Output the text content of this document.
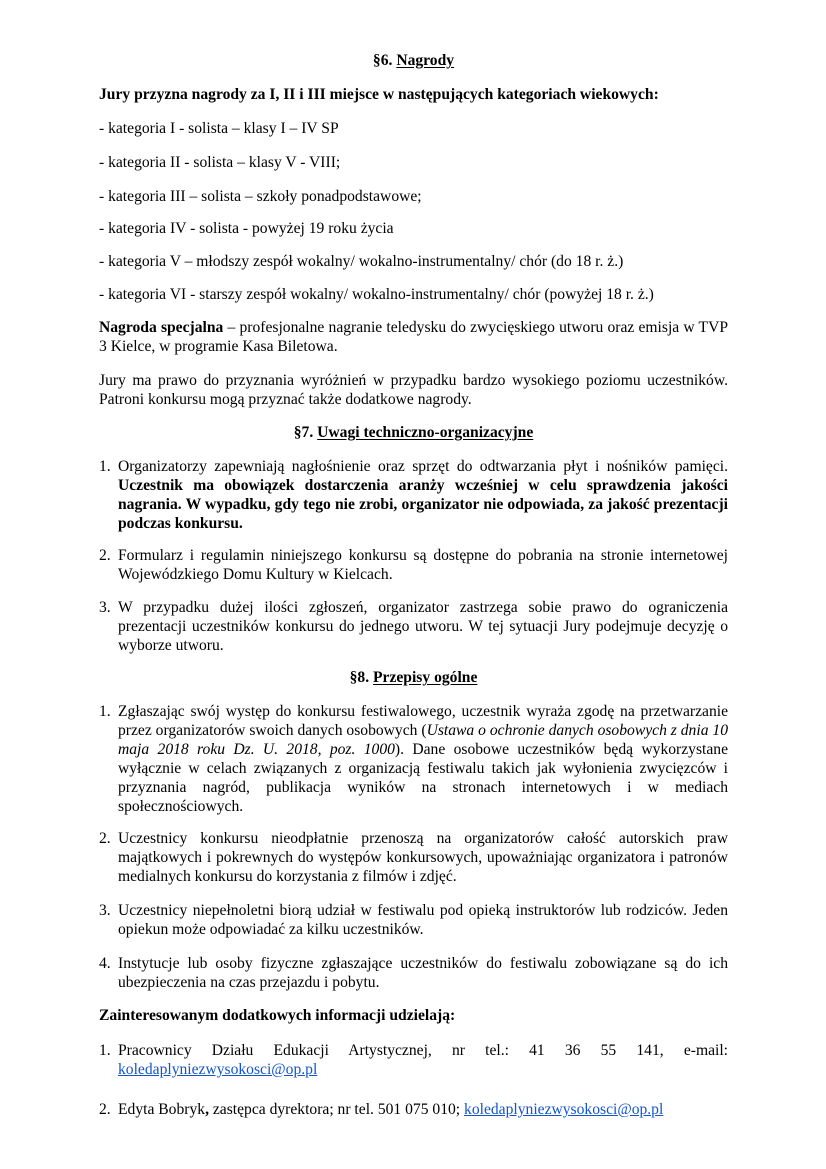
§6. Nagrody
Jury przyzna nagrody za I, II i III miejsce w następujących kategoriach wiekowych:
- kategoria I - solista – klasy I – IV SP
- kategoria II - solista – klasy V - VIII;
- kategoria III – solista – szkoły ponadpodstawowe;
- kategoria IV - solista - powyżej 19 roku życia
- kategoria V – młodszy zespół wokalny/ wokalno-instrumentalny/ chór (do 18 r. ż.)
- kategoria VI - starszy zespół wokalny/ wokalno-instrumentalny/ chór (powyżej 18 r. ż.)
Nagroda specjalna – profesjonalne nagranie teledysku do zwycięskiego utworu oraz emisja w TVP 3 Kielce, w programie Kasa Biletowa.
Jury ma prawo do przyznania wyróżnień w przypadku bardzo wysokiego poziomu uczestników. Patroni konkursu mogą przyznać także dodatkowe nagrody.
§7. Uwagi techniczno-organizacyjne
1. Organizatorzy zapewniają nagłośnienie oraz sprzęt do odtwarzania płyt i nośników pamięci. Uczestnik ma obowiązek dostarczenia aranży wcześniej w celu sprawdzenia jakości nagrania. W wypadku, gdy tego nie zrobi, organizator nie odpowiada, za jakość prezentacji podczas konkursu.
2. Formularz i regulamin niniejszego konkursu są dostępne do pobrania na stronie internetowej Wojewódzkiego Domu Kultury w Kielcach.
3. W przypadku dużej ilości zgłoszeń, organizator zastrzega sobie prawo do ograniczenia prezentacji uczestników konkursu do jednego utworu. W tej sytuacji Jury podejmuje decyzję o wyborze utworu.
§8. Przepisy ogólne
1. Zgłaszając swój występ do konkursu festiwalowego, uczestnik wyraża zgodę na przetwarzanie przez organizatorów swoich danych osobowych (Ustawa o ochronie danych osobowych z dnia 10 maja 2018 roku Dz. U. 2018, poz. 1000). Dane osobowe uczestników będą wykorzystane wyłącznie w celach związanych z organizacją festiwalu takich jak wyłonienia zwycięzców i przyznania nagród, publikacja wyników na stronach internetowych i w mediach społecznościowych.
2. Uczestnicy konkursu nieodpłatnie przenoszą na organizatorów całość autorskich praw majątkowych i pokrewnych do występów konkursowych, upoważniając organizatora i patronów medialnych konkursu do korzystania z filmów i zdjęć.
3. Uczestnicy niepełnoletni biorą udział w festiwalu pod opieką instruktorów lub rodziców. Jeden opiekun może odpowiadać za kilku uczestników.
4. Instytucje lub osoby fizyczne zgłaszające uczestników do festiwalu zobowiązane są do ich ubezpieczenia na czas przejazdu i pobytu.
Zainteresowanym dodatkowych informacji udzielają:
1. Pracownicy Działu Edukacji Artystycznej, nr tel.: 41 36 55 141, e-mail:
koledaplyniezwysokosci@op.pl
2. Edyta Bobryk, zastępca dyrektora; nr tel. 501 075 010; koledaplyniezwysokosci@op.pl
